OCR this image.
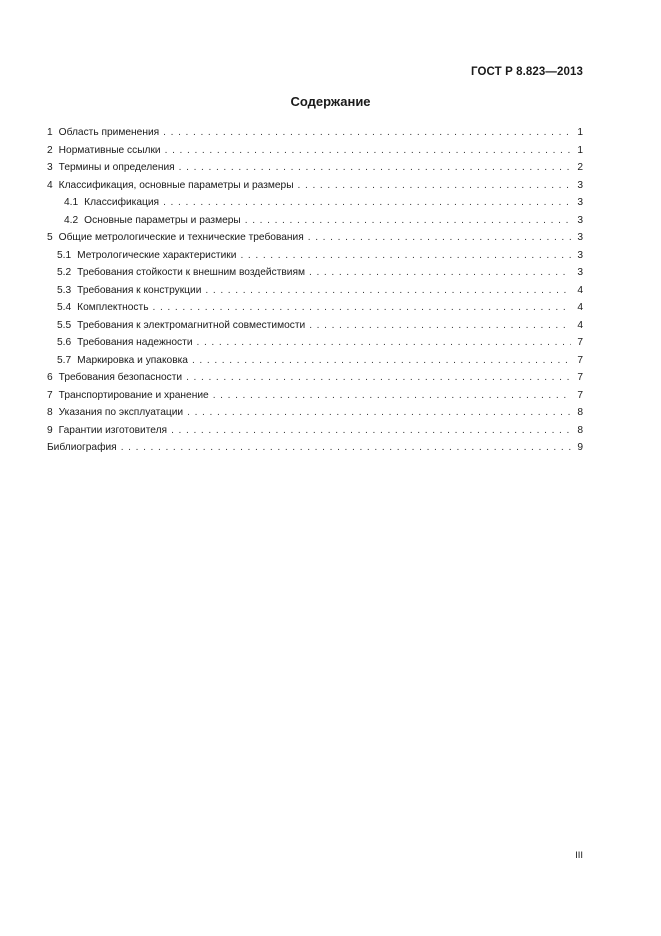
ГОСТ Р 8.823—2013
Содержание
1 Область применения . . .	1
2 Нормативные ссылки . . .	1
3 Термины и определения . . .	2
4 Классификация, основные параметры и размеры . . .	3
4.1 Классификация . . .	3
4.2 Основные параметры и размеры . . .	3
5 Общие метрологические и технические требования . . .	3
5.1 Метрологические характеристики . . .	3
5.2 Требования стойкости к внешним воздействиям . . .	3
5.3 Требования к конструкции . . .	4
5.4 Комплектность . . .	4
5.5 Требования к электромагнитной совместимости . . .	4
5.6 Требования надежности . . .	7
5.7 Маркировка и упаковка . . .	7
6 Требования безопасности . . .	7
7 Транспортирование и хранение . . .	7
8 Указания по эксплуатации . . .	8
9 Гарантии изготовителя . . .	8
Библиография . . .	9
III
